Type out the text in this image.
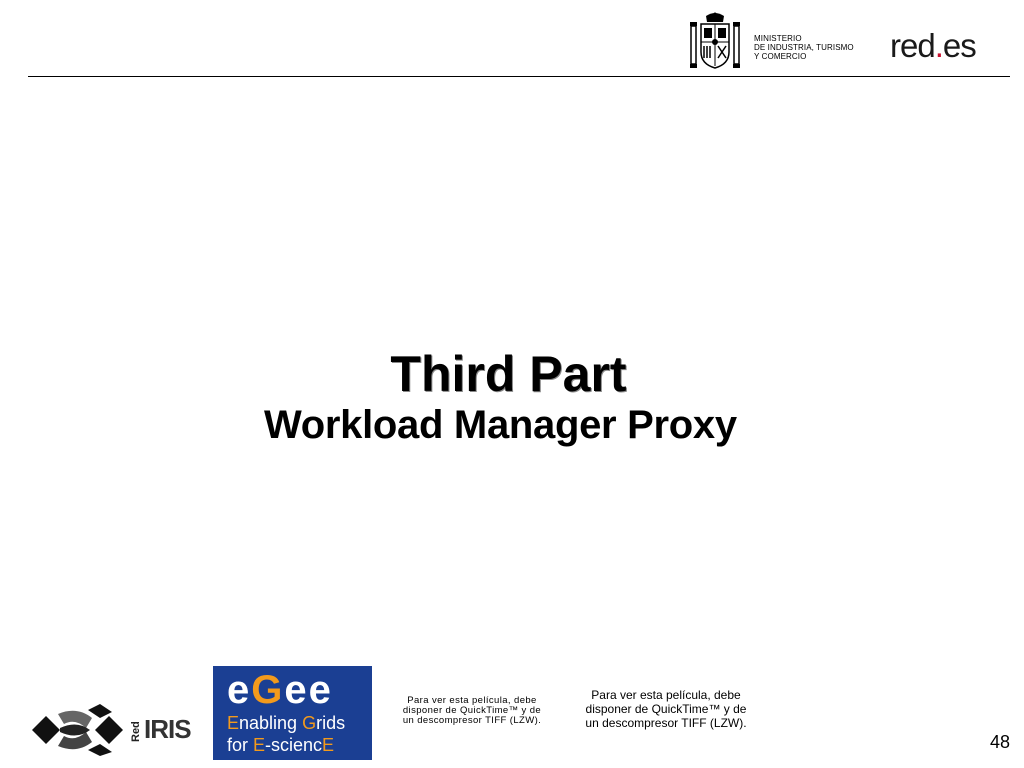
MINISTERIO
DE INDUSTRIA, TURISMO
Y COMERCIO	red.es
Third Part
Workload Manager Proxy
Red IRIS
eGee
Enabling Grids
for E-sciencE
Para ver esta película, debe
disponer de QuickTime™ y de
un descompresor TIFF (LZW).
Para ver esta película, debe
disponer de QuickTime™ y de
un descompresor TIFF (LZW).
48
